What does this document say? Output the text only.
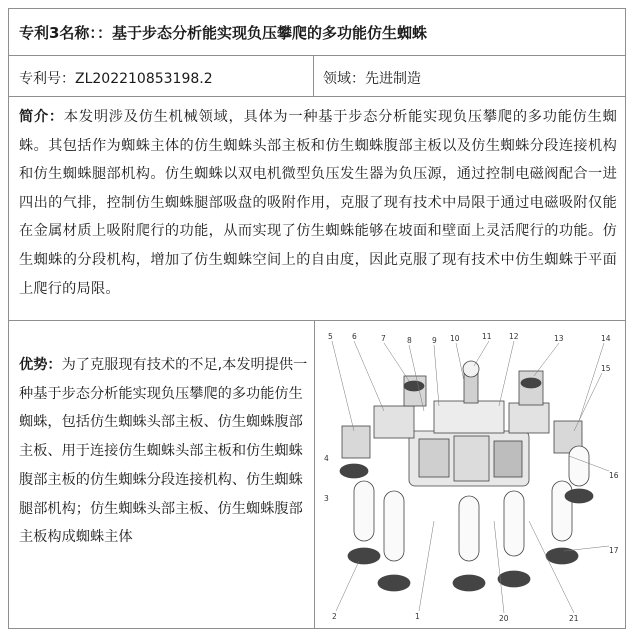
专利3名称：：基于步态分析能实现负压攀爬的多功能仿生蜘蛛
专利号：ZL202210853198.2	领域：先进制造
简介：本发明涉及仿生机械领域，具体为一种基于步态分析能实现负压攀爬的多功能仿生蜘蛛。其包括作为蜘蛛主体的仿生蜘蛛头部主板和仿生蜘蛛腹部主板以及仿生蜘蛛分段连接机构和仿生蜘蛛腿部机构。仿生蜘蛛以双电机微型负压发生器为负压源，通过控制电磁阀配合一进四出的气排，控制仿生蜘蛛腿部吸盘的吸附作用，克服了现有技术中局限于通过电磁吸附仅能在金属材质上吸附爬行的功能，从而实现了仿生蜘蛛能够在坡面和壁面上灵活爬行的功能。仿生蜘蛛的分段机构，增加了仿生蜘蛛空间上的自由度，因此克服了现有技术中仿生蜘蛛于平面上爬行的局限。
优势：为了克服现有技术的不足,本发明提供一种基于步态分析能实现负压攀爬的多功能仿生蜘蛛，包括仿生蜘蛛头部主板、仿生蜘蛛腹部主板、用于连接仿生蜘蛛头部主板和仿生蜘蛛腹部主板的仿生蜘蛛分段连接机构、仿生蜘蛛腿部机构；仿生蜘蛛头部主板、仿生蜘蛛腹部主板构成蜘蛛主体
5	6	7	8	9 10	11 12	13	14
15
16
17
2	1	20	21
3
4
